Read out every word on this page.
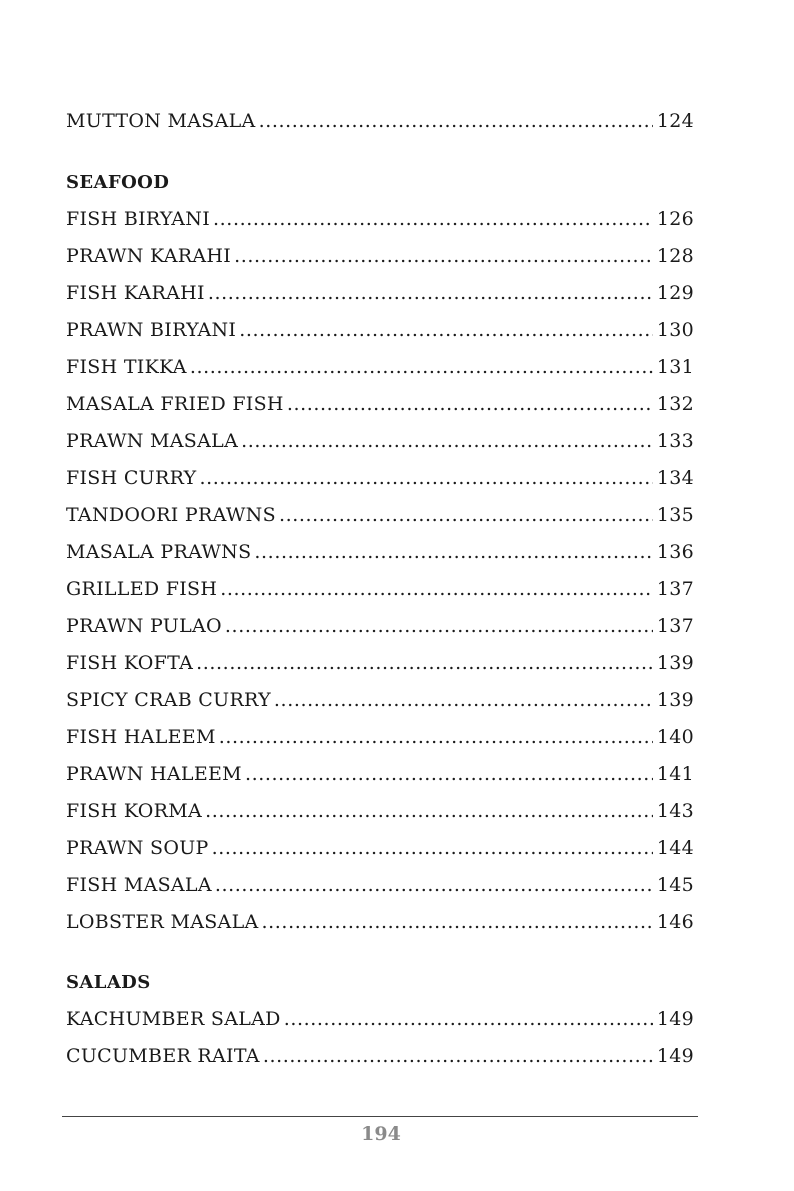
MUTTON MASALA .....	124
SEAFOOD
FISH BIRYANI .....	126
PRAWN KARAHI .....	128
FISH KARAHI .....	129
PRAWN BIRYANI .....	130
FISH TIKKA .....	131
MASALA FRIED FISH .....	132
PRAWN MASALA .....	133
FISH CURRY .....	134
TANDOORI PRAWNS .....	135
MASALA PRAWNS .....	136
GRILLED FISH .....	137
PRAWN PULAO .....	137
FISH KOFTA .....	139
SPICY CRAB CURRY .....	139
FISH HALEEM .....	140
PRAWN HALEEM .....	141
FISH KORMA .....	143
PRAWN SOUP .....	144
FISH MASALA .....	145
LOBSTER MASALA .....	146
SALADS
KACHUMBER SALAD .....	149
CUCUMBER RAITA .....	149
194
